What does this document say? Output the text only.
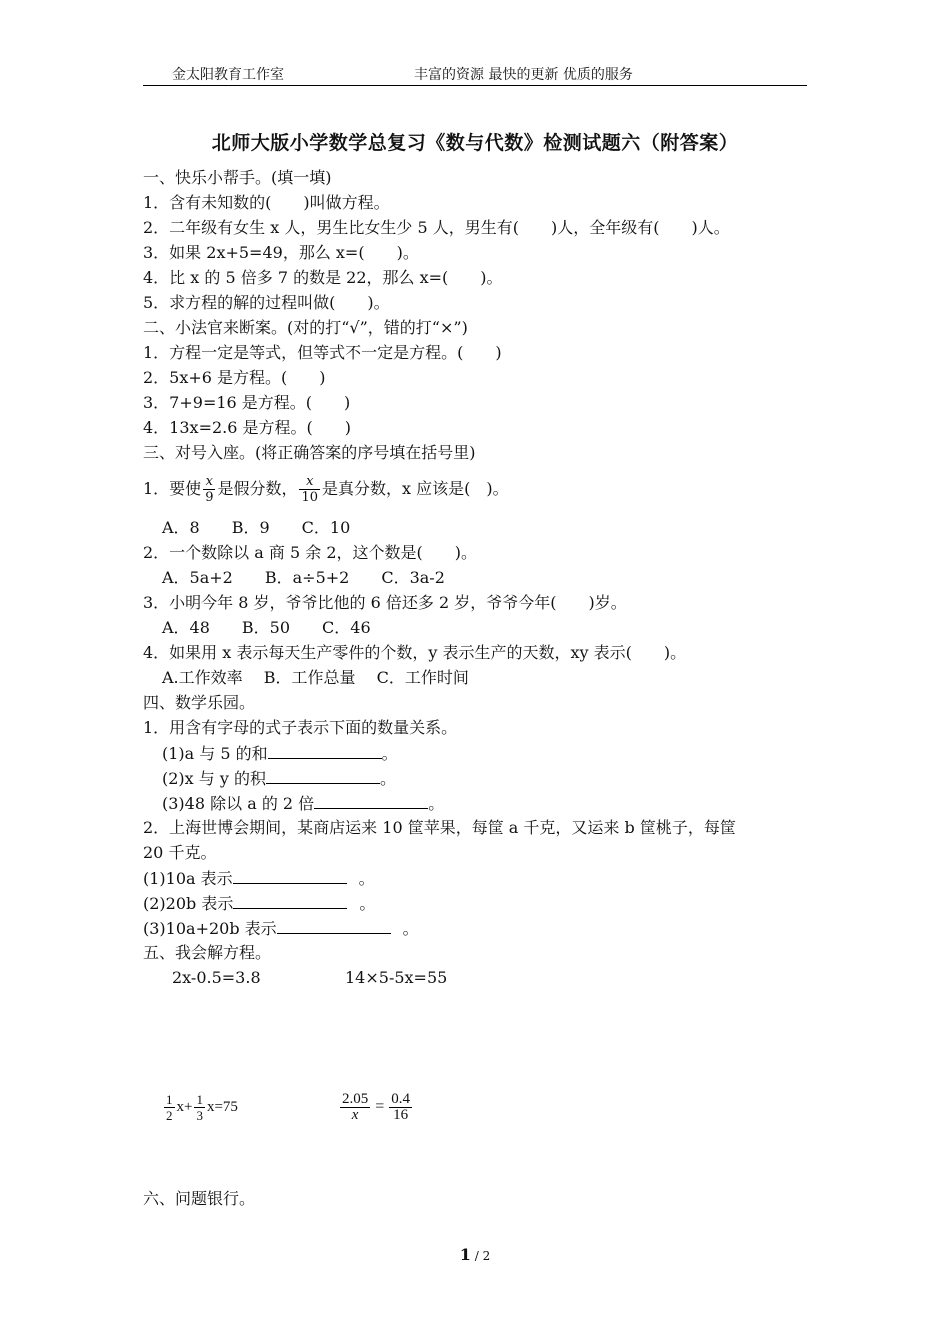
金太阳教育工作室	丰富的资源 最快的更新 优质的服务
北师大版小学数学总复习《数与代数》检测试题六（附答案）
一、快乐小帮手。(填一填)
1．含有未知数的(　　)叫做方程。
2．二年级有女生 x 人，男生比女生少 5 人，男生有(　　)人，全年级有(　　)人。
3．如果 2x+5=49，那么 x=(　　)。
4．比 x 的 5 倍多 7 的数是 22，那么 x=(　　)。
5．求方程的解的过程叫做(　　)。
二、小法官来断案。(对的打“√”，错的打“×”)
1．方程一定是等式，但等式不一定是方程。(　　)
2．5x+6 是方程。(　　)
3．7+9=16 是方程。(　　)
4．13x=2.6 是方程。(　　)
三、对号入座。(将正确答案的序号填在括号里)
1．要使 $\frac{x}{9}$ 是假分数， $\frac{x}{10}$ 是真分数，x 应该是(　)。
A．8　　B．9　　C．10
2．一个数除以 a 商 5 余 2，这个数是(　　)。
A．5a+2　　B．a÷5+2　　C．3a-2
3．小明今年 8 岁，爷爷比他的 6 倍还多 2 岁，爷爷今年(　　)岁。
A．48　　B．50　　C．46
4．如果用 x 表示每天生产零件的个数，y 表示生产的天数，xy 表示(　　)。
A.工作效率　 B．工作总量　 C．工作时间
四、数学乐园。
1．用含有字母的式子表示下面的数量关系。
(1)a 与 5 的和	。
(2)x 与 y 的积	。
(3)48 除以 a 的 2 倍	。
2．上海世博会期间，某商店运来 10 筐苹果，每筐 a 千克，又运来 b 筐桃子，每筐
20 千克。
(1)10a 表示	。
(2)20b 表示	。
(3)10a+20b 表示	。
五、我会解方程。
2x-0.5=3.8	14×5-5x=55
$\frac{1}{2} x+ \frac{1}{3} x=75$	$\frac{2.05}{x} = \frac{0.4}{16}$
六、问题银行。
1 / 2
